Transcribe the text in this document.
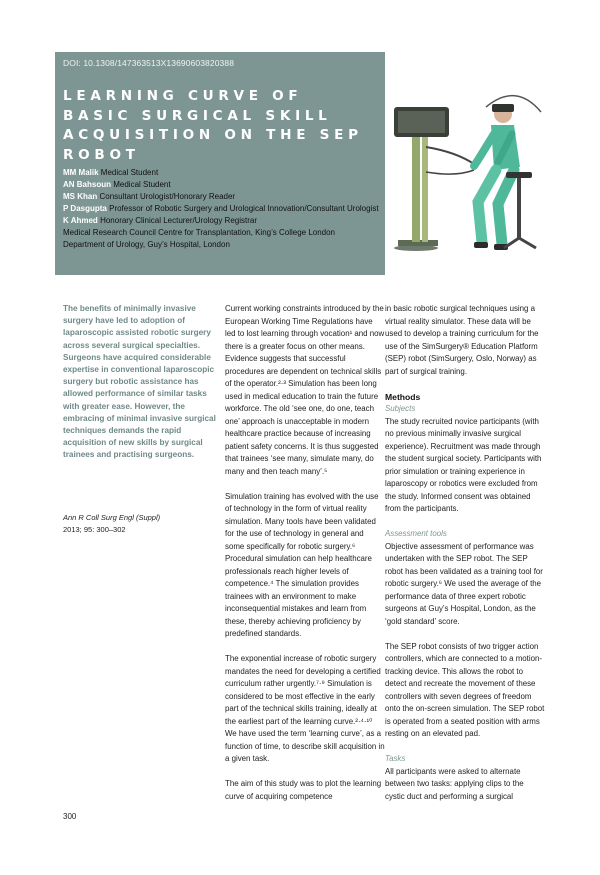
DOI: 10.1308/147363513X13690603820388
LEARNING CURVE OF BASIC SURGICAL SKILL ACQUISITION ON THE SEP ROBOT
MM Malik Medical Student
AN Bahsoun Medical Student
MS Khan Consultant Urologist/Honorary Reader
P Dasgupta Professor of Robotic Surgery and Urological Innovation/Consultant Urologist
K Ahmed Honorary Clinical Lecturer/Urology Registrar
Medical Research Council Centre for Transplantation, King’s College London
Department of Urology, Guy’s Hospital, London

The benefits of minimally invasive surgery have led to adoption of laparoscopic assisted robotic surgery across several surgical specialties. Surgeons have acquired considerable expertise in conventional laparoscopic surgery but robotic assistance has allowed performance of similar tasks with greater ease. However, the embracing of minimal invasive surgical techniques demands the rapid acquisition of new skills by surgical trainees and practising surgeons.

Ann R Coll Surg Engl (Suppl)
2013; 95: 300–302

Current working constraints introduced by the European Working Time Regulations have led to lost learning through vocation¹ and now there is a greater focus on other means. Evidence suggests that successful procedures are dependent on technical skills of the operator.²·³ Simulation has been long used in medical education to train the future workforce. The old ‘see one, do one, teach one’ approach is unacceptable in modern healthcare practice because of increasing patient safety concerns. It is thus suggested that trainees ‘see many, simulate many, do many and then teach many’.⁵

Simulation training has evolved with the use of technology in the form of virtual reality simulation. Many tools have been validated for the use of technology in general and some specifically for robotic surgery.⁶ Procedural simulation can help healthcare professionals reach higher levels of competence.⁴ The simulation provides trainees with an environment to make inconsequential mistakes and learn from these, thereby achieving proficiency by predefined standards.

The exponential increase of robotic surgery mandates the need for developing a certified curriculum rather urgently.⁷·⁹ Simulation is considered to be most effective in the early part of the technical skills training, ideally at the earliest part of the learning curve.²·⁴·¹⁰ We have used the term ‘learning curve’, as a function of time, to describe skill acquisition in a given task.

The aim of this study was to plot the learning curve of acquiring competence

in basic robotic surgical techniques using a virtual reality simulator. These data will be used to develop a training curriculum for the use of the SimSurgery® Education Platform (SEP) robot (SimSurgery, Oslo, Norway) as part of surgical training.

Methods
Subjects

The study recruited novice participants (with no previous minimally invasive surgical experience). Recruitment was made through the student surgical society. Participants with prior simulation or training experience in laparoscopy or robotics were excluded from the study. Informed consent was obtained from the participants.

Assessment tools

Objective assessment of performance was undertaken with the SEP robot. The SEP robot has been validated as a training tool for robotic surgery.⁶ We used the average of the performance data of three expert robotic surgeons at Guy’s Hospital, London, as the ‘gold standard’ score.

The SEP robot consists of two trigger action controllers, which are connected to a motion-tracking device. This allows the robot to detect and recreate the movement of these controllers with seven degrees of freedom onto the on-screen simulation. The SEP robot is operated from a seated position with arms resting on an elevated pad.

Tasks

All participants were asked to alternate between two tasks: applying clips to the cystic duct and performing a surgical

300
